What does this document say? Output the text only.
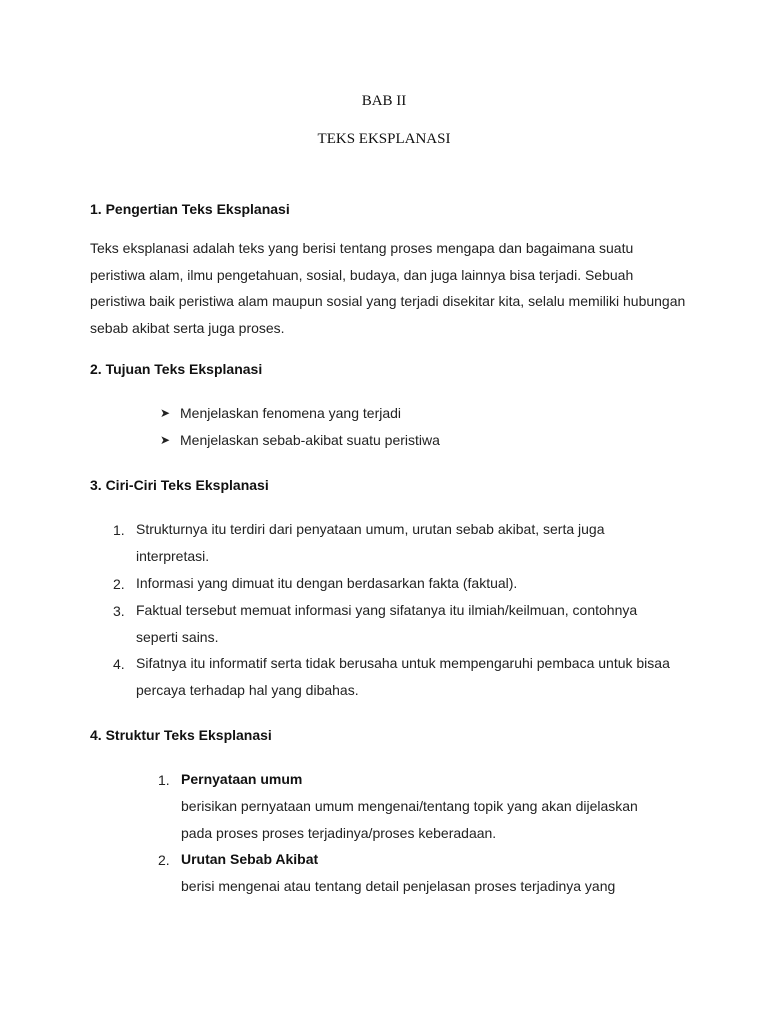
BAB II
TEKS EKSPLANASI
1. Pengertian Teks Eksplanasi
Teks eksplanasi adalah teks yang berisi tentang proses mengapa dan bagaimana suatu peristiwa alam, ilmu pengetahuan, sosial, budaya, dan juga lainnya bisa terjadi. Sebuah peristiwa baik peristiwa alam maupun sosial yang terjadi disekitar kita, selalu memiliki hubungan sebab akibat serta juga proses.
2. Tujuan Teks Eksplanasi
➤ Menjelaskan fenomena yang terjadi
➤ Menjelaskan sebab-akibat suatu peristiwa
3. Ciri-Ciri Teks Eksplanasi
1. Strukturnya itu terdiri dari penyataan umum, urutan sebab akibat, serta juga interpretasi.
2. Informasi yang dimuat itu dengan berdasarkan fakta (faktual).
3. Faktual tersebut memuat informasi yang sifatanya itu ilmiah/keilmuan, contohnya seperti sains.
4. Sifatnya itu informatif serta tidak berusaha untuk mempengaruhi pembaca untuk bisaa percaya terhadap hal yang dibahas.
4. Struktur Teks Eksplanasi
1. Pernyataan umum
berisikan pernyataan umum mengenai/tentang topik yang akan dijelaskan pada proses proses terjadinya/proses keberadaan.
2. Urutan Sebab Akibat
berisi mengenai atau tentang detail penjelasan proses terjadinya yang
